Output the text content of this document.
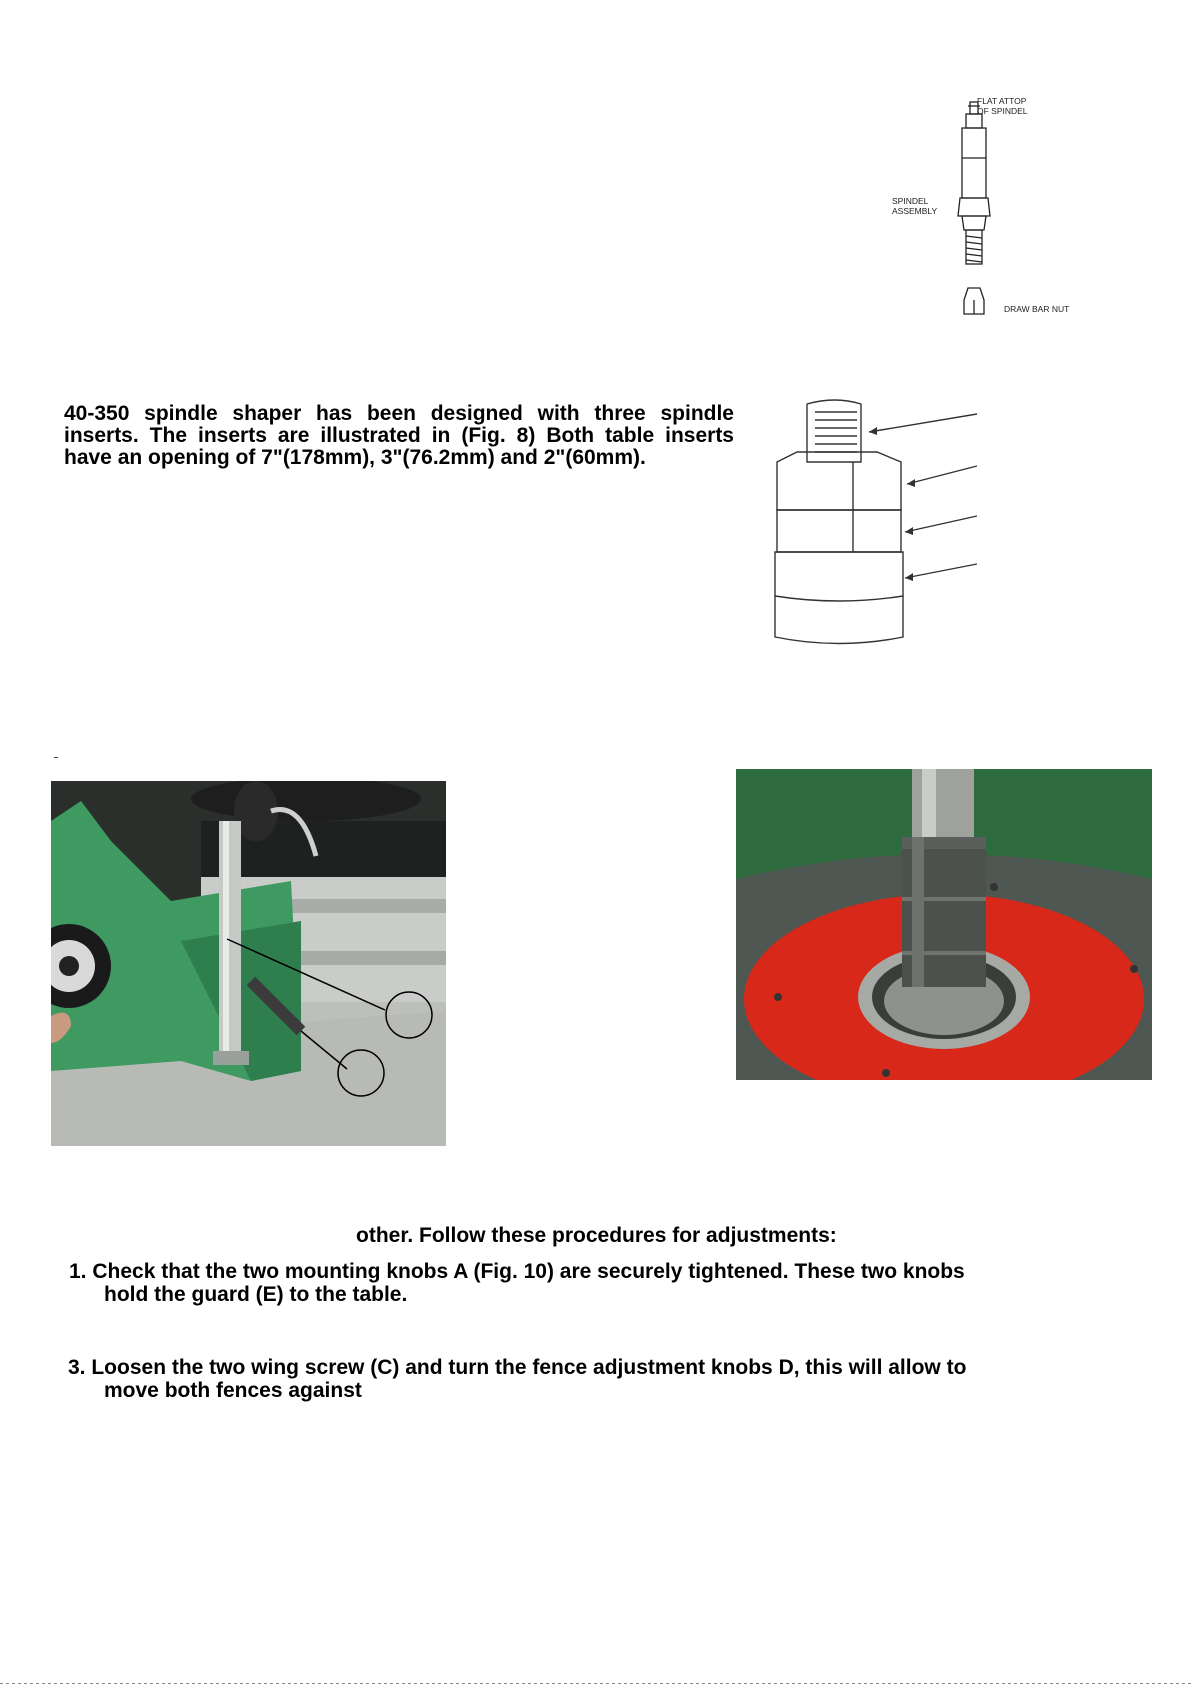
FLAT ATTOP
OF SPINDEL
SPINDEL
ASSEMBLY
DRAW BAR NUT
40-350 spindle shaper has been designed with three spindle inserts. The inserts are illustrated in (Fig. 8) Both table inserts have an opening of 7"(178mm), 3"(76.2mm) and 2"(60mm).
other. Follow these procedures for adjustments:
1. Check that the two mounting knobs A (Fig. 10) are securely tightened. These two knobs
hold the guard (E) to the table.
3. Loosen the two wing screw (C) and turn the fence adjustment knobs D, this will allow to
move both fences against
